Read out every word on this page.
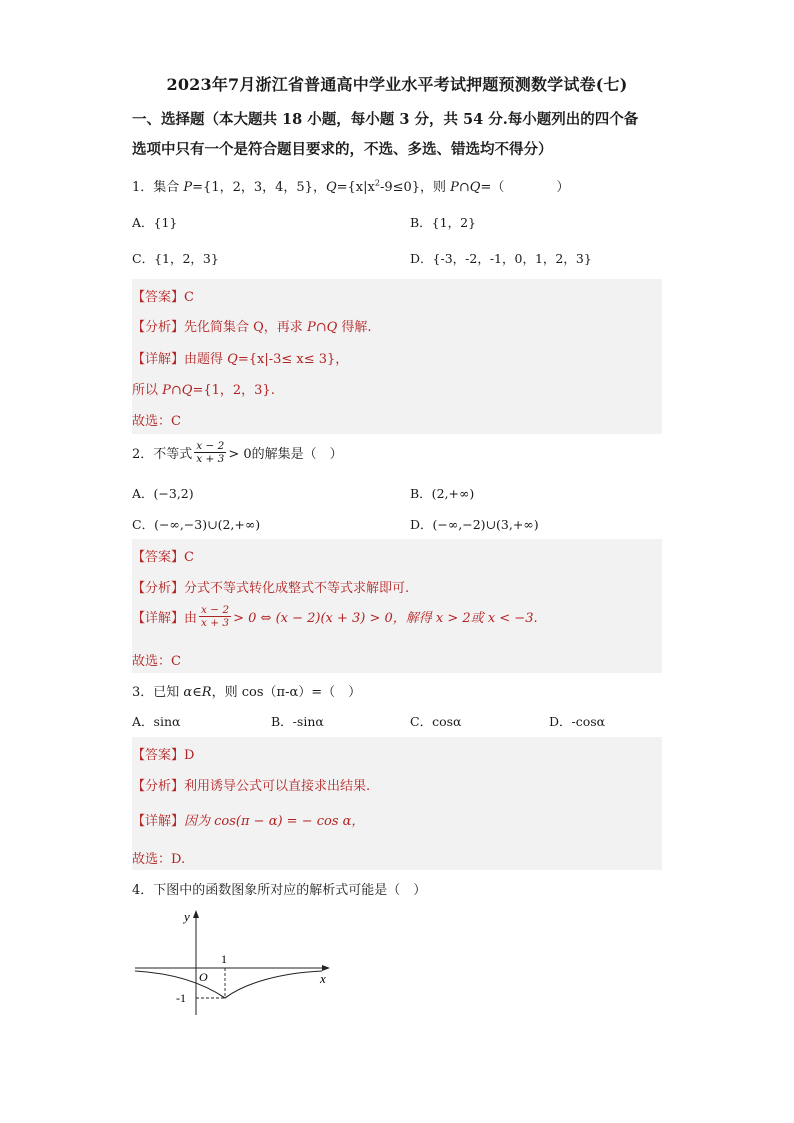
2023年7月浙江省普通高中学业水平考试押题预测数学试卷(七)
一、选择题（本大题共 18 小题，每小题 3 分，共 54 分.每小题列出的四个备
选项中只有一个是符合题目要求的，不选、多选、错选均不得分）
1．集合 P={1，2，3，4，5}，$Q=\{x|x^2-9\le 0\}$，则 P∩Q=（　　　　）
A．{1}	B．{1，2}
C．{1，2，3}	D．{-3，-2，-1，0，1，2，3}
【答案】C
【分析】先化简集合 Q，再求 P∩Q 得解.
【详解】由题得 Q={x|-3≤ x≤ 3}，
所以 P∩Q={1，2，3}.
故选：C
2．不等式 $\frac{x - 2}{x + 3} > 0$的解集是（　）
A．(−3,2)	B．(2,+∞)
C．(−∞,−3)∪(2,+∞)	D．(−∞,−2)∪(3,+∞)
【答案】C
【分析】分式不等式转化成整式不等式求解即可.
【详解】由 $\frac{x - 2}{x + 3} > 0$ ⇔ (x − 2)(x + 3) > 0，解得 x > 2或 x < −3.
故选：C
3．已知 α∈R，则 cos（π-α）=（　）
A．sinα	B．-sinα	C．cosα	D．-cosα
【答案】D
【分析】利用诱导公式可以直接求出结果.
【详解】因为 cos(π − α) = − cos α，
故选：D.
4．下图中的函数图象所对应的解析式可能是（　）
y
x
O
1
-1
